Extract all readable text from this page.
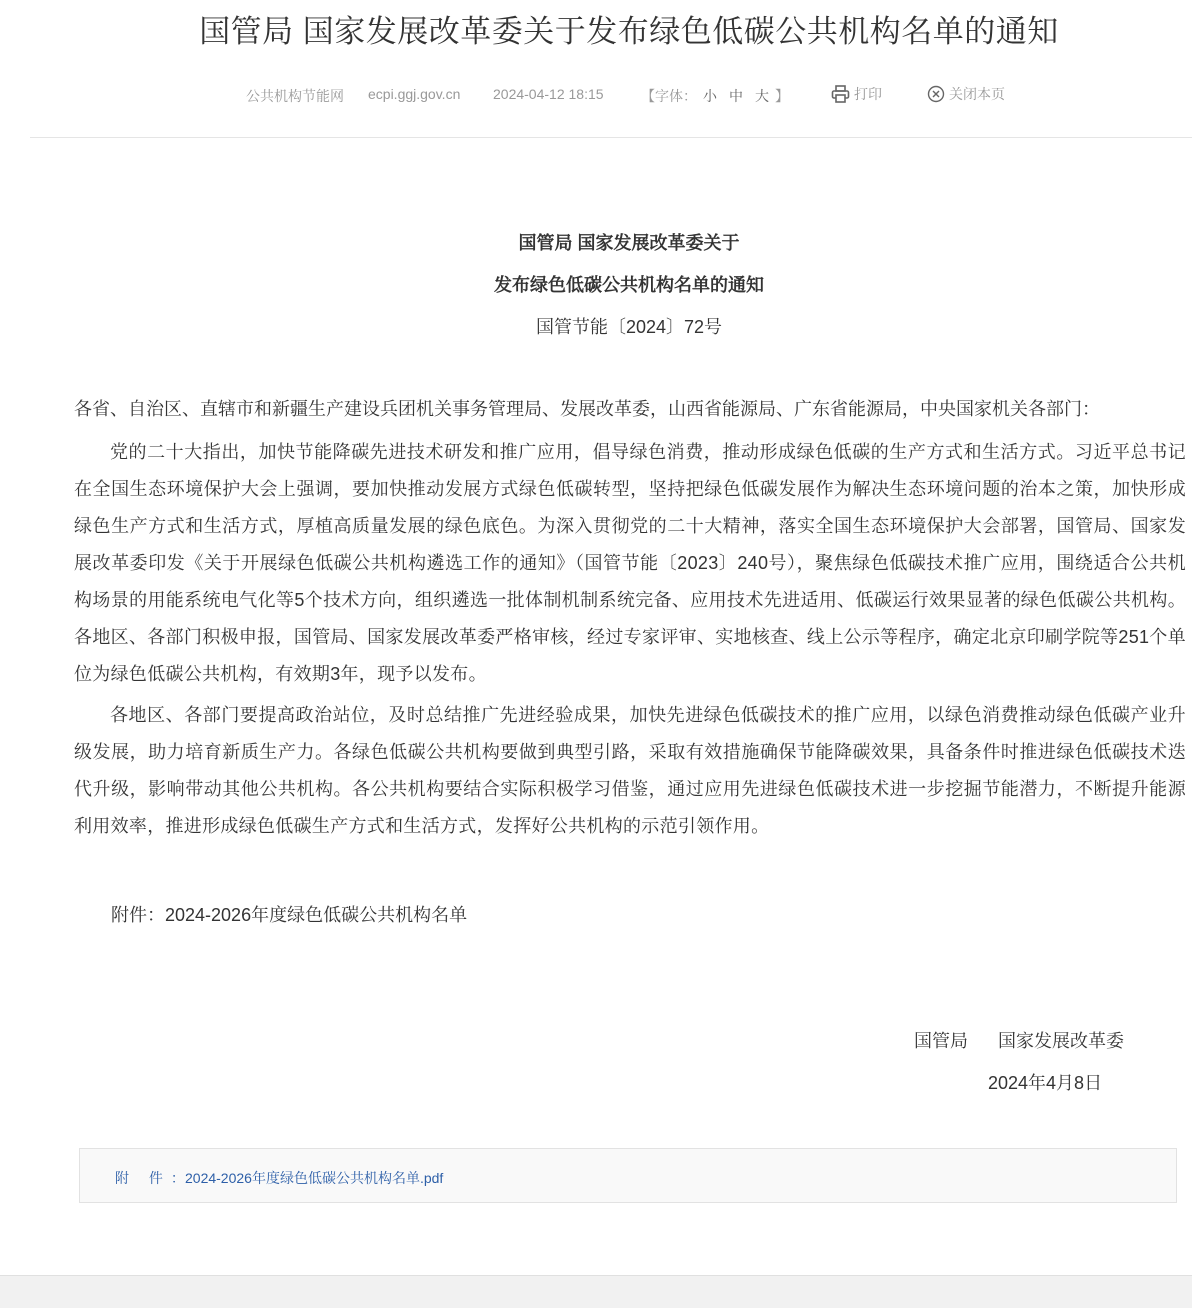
国管局 国家发展改革委关于发布绿色低碳公共机构名单的通知
公共机构节能网 ecpi.ggj.gov.cn 2024-04-12 18:15	【字体： 小 中 大 】	打印	关闭本页
国管局 国家发展改革委关于
发布绿色低碳公共机构名单的通知
国管节能〔2024〕72号
各省、自治区、直辖市和新疆生产建设兵团机关事务管理局、发展改革委，山西省能源局、广东省能源局，中央国家机关各部门：

党的二十大指出，加快节能降碳先进技术研发和推广应用，倡导绿色消费，推动形成绿色低碳的生产方式和生活方式。习近平总书记在全国生态环境保护大会上强调，要加快推动发展方式绿色低碳转型，坚持把绿色低碳发展作为解决生态环境问题的治本之策，加快形成绿色生产方式和生活方式，厚植高质量发展的绿色底色。为深入贯彻党的二十大精神，落实全国生态环境保护大会部署，国管局、国家发展改革委印发《关于开展绿色低碳公共机构遴选工作的通知》（国管节能〔2023〕240号），聚焦绿色低碳技术推广应用，围绕适合公共机构场景的用能系统电气化等5个技术方向，组织遴选一批体制机制系统完备、应用技术先进适用、低碳运行效果显著的绿色低碳公共机构。各地区、各部门积极申报，国管局、国家发展改革委严格审核，经过专家评审、实地核查、线上公示等程序，确定北京印刷学院等251个单位为绿色低碳公共机构，有效期3年，现予以发布。

各地区、各部门要提高政治站位，及时总结推广先进经验成果，加快先进绿色低碳技术的推广应用，以绿色消费推动绿色低碳产业升级发展，助力培育新质生产力。各绿色低碳公共机构要做到典型引路，采取有效措施确保节能降碳效果，具备条件时推进绿色低碳技术迭代升级，影响带动其他公共机构。各公共机构要结合实际积极学习借鉴，通过应用先进绿色低碳技术进一步挖掘节能潜力，不断提升能源利用效率，推进形成绿色低碳生产方式和生活方式，发挥好公共机构的示范引领作用。

附件：2024-2026年度绿色低碳公共机构名单
国管局 国家发展改革委
2024年4月8日
附 件：
2024-2026年度绿色低碳公共机构名单.pdf
